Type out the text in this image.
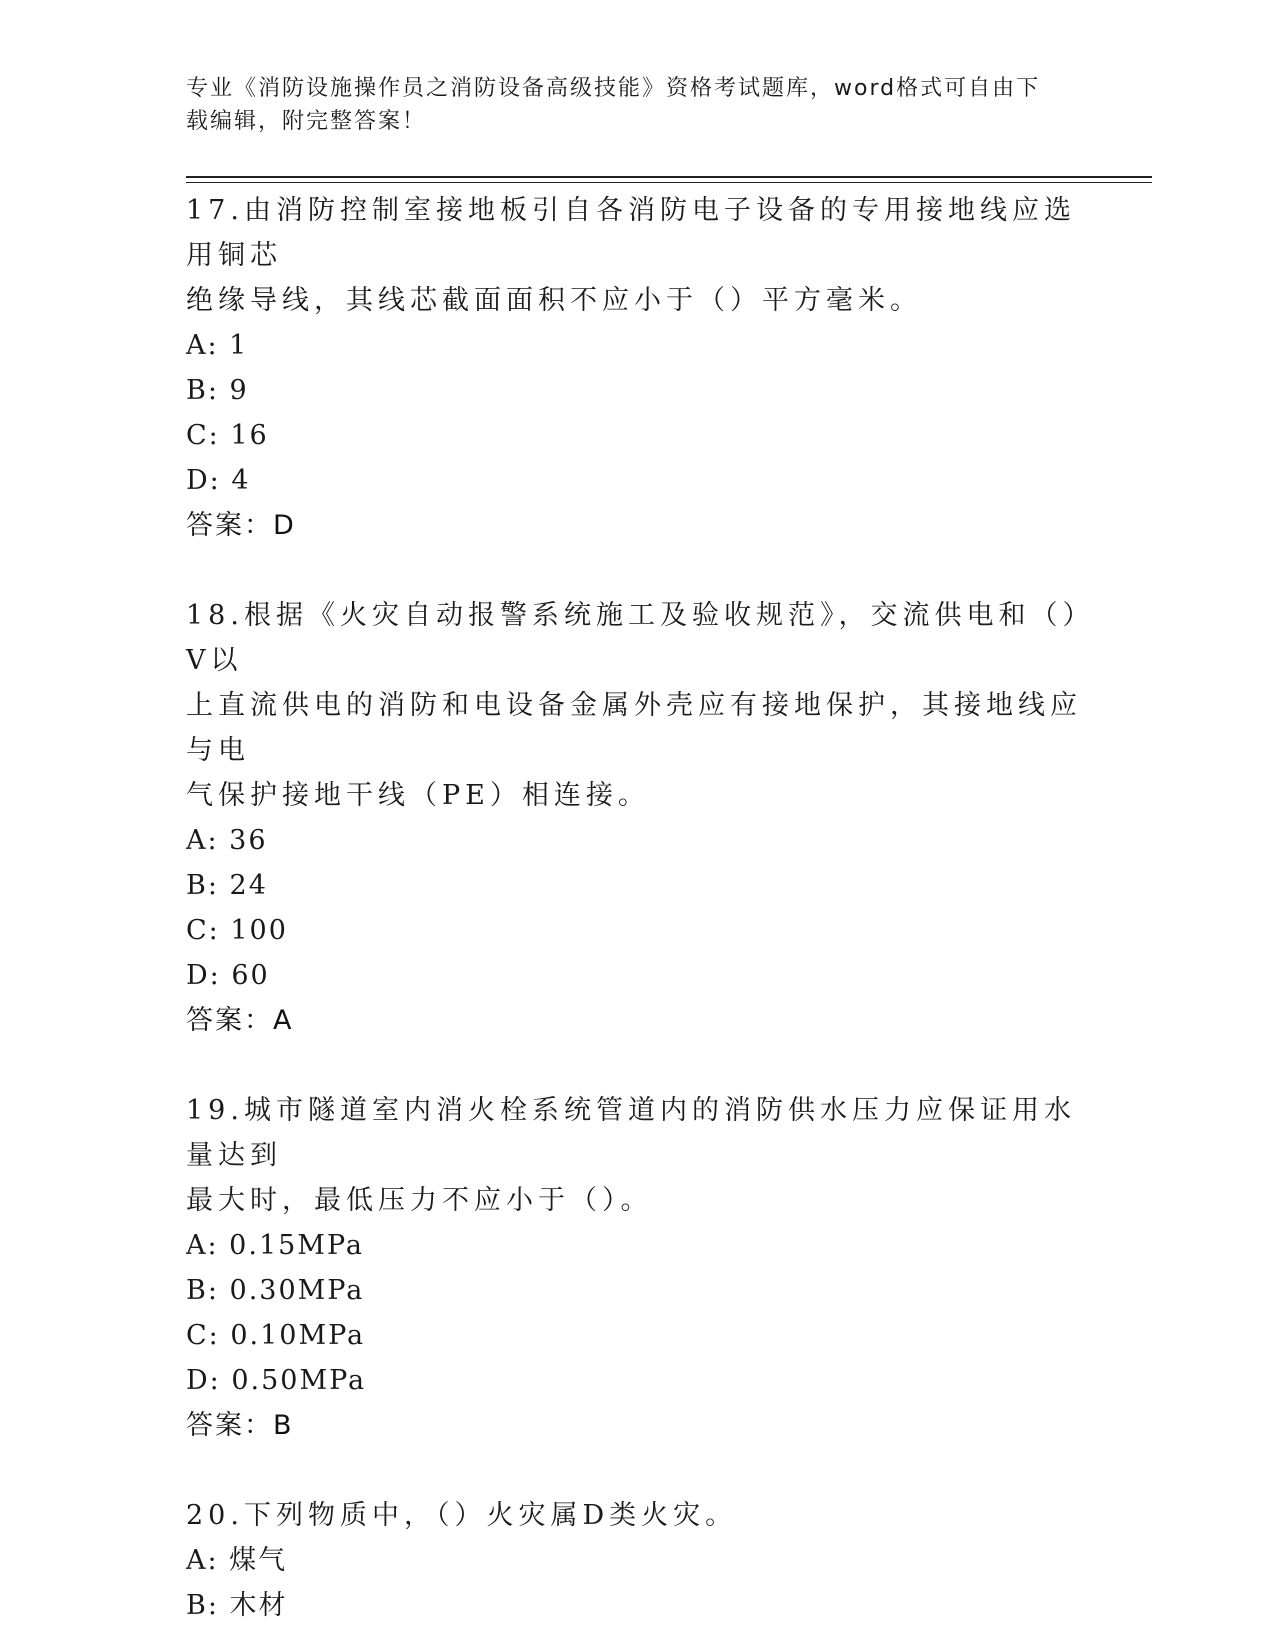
专业《消防设施操作员之消防设备高级技能》资格考试题库，word格式可自由下
载编辑，附完整答案！

17.由消防控制室接地板引自各消防电子设备的专用接地线应选用铜芯

绝缘导线，其线芯截面面积不应小于（）平方毫米。

A: 1

B: 9

C: 16

D: 4

答案：D

18.根据《火灾自动报警系统施工及验收规范》，交流供电和（）V以

上直流供电的消防和电设备金属外壳应有接地保护，其接地线应与电

气保护接地干线（PE）相连接。

A: 36

B: 24

C: 100

D: 60

答案：A

19.城市隧道室内消火栓系统管道内的消防供水压力应保证用水量达到

最大时，最低压力不应小于（）。

A: 0.15MPa

B: 0.30MPa

C: 0.10MPa

D: 0.50MPa

答案：B

20.下列物质中，（）火灾属D类火灾。

A: 煤气

B: 木材
